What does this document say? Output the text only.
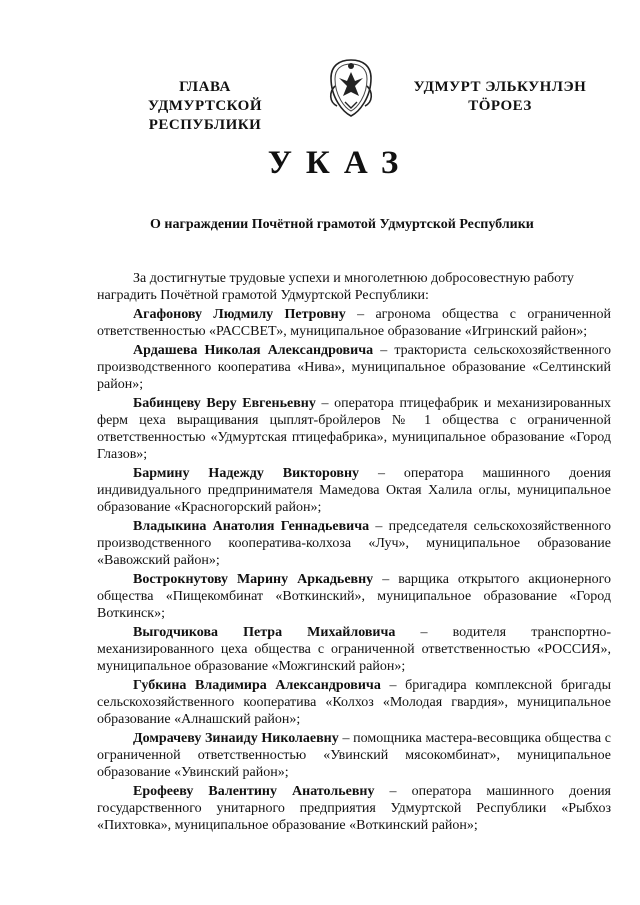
ГЛАВА
УДМУРТСКОЙ РЕСПУБЛИКИ
УДМУРТ ЭЛЬКУНЛЭН
ТÖРОЕЗ
УКАЗ
О награждении Почётной грамотой Удмуртской Республики

За достигнутые трудовые успехи и многолетнюю добросовестную работу

наградить Почётной грамотой Удмуртской Республики:

Агафонову Людмилу Петровну – агронома общества с ограниченной ответственностью «РАССВЕТ», муниципальное образование «Игринский район»;

Ардашева Николая Александровича – тракториста сельскохозяйственного производственного кооператива «Нива», муниципальное образование «Селтинский район»;

Бабинцеву Веру Евгеньевну – оператора птицефабрик и механизированных ферм цеха выращивания цыплят-бройлеров № 1 общества с ограниченной ответственностью «Удмуртская птицефабрика», муниципальное образование «Город Глазов»;

Бармину Надежду Викторовну – оператора машинного доения индивидуального предпринимателя Мамедова Октая Халила оглы, муниципальное образование «Красногорский район»;

Владыкина Анатолия Геннадьевича – председателя сельскохозяйственного производственного кооператива-колхоза «Луч», муниципальное образование «Вавожский район»;

Вострокнутову Марину Аркадьевну – варщика открытого акционерного общества «Пищекомбинат «Воткинский», муниципальное образование «Город Воткинск»;

Выгодчикова Петра Михайловича – водителя транспортно-механизированного цеха общества с ограниченной ответственностью «РОССИЯ», муниципальное образование «Можгинский район»;

Губкина Владимира Александровича – бригадира комплексной бригады сельскохозяйственного кооператива «Колхоз «Молодая гвардия», муниципальное образование «Алнашский район»;

Домрачеву Зинаиду Николаевну – помощника мастера-весовщика общества с ограниченной ответственностью «Увинский мясокомбинат», муниципальное образование «Увинский район»;

Ерофееву Валентину Анатольевну – оператора машинного доения государственного унитарного предприятия Удмуртской Республики «Рыбхоз «Пихтовка», муниципальное образование «Воткинский район»;
